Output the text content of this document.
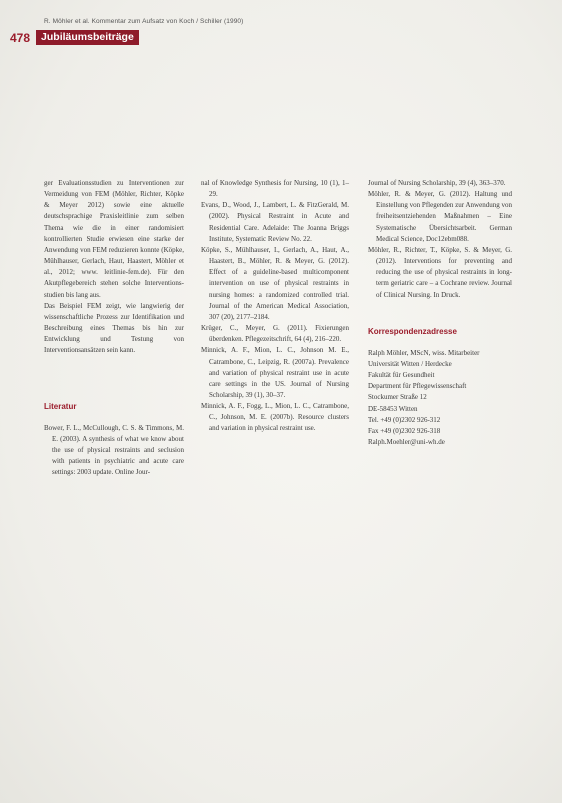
R. Möhler et al. Kommentar zum Aufsatz von Koch / Schiller (1990)
478	Jubiläumsbeiträge

ger Evaluationsstudien zu Interventionen zur Vermeidung von FEM (Möhler, Richter, Köpke & Meyer 2012) sowie eine aktuelle deutschsprachige Praxisleitlinie zum selben Thema wie die in einer randomisiert kontrollierten Studie erwiesen eine starke der Anwendung von FEM reduzieren konnte (Köpke, Mühlhauser, Gerlach, Haut, Haastert, Möhler et al., 2012; www. leitlinie-fem.de). Für den Akutpflegebereich stehen solche Interventionsstudien bis lang aus.

Das Beispiel FEM zeigt, wie langwierig der wissenschaftliche Prozess zur Identifikation und Beschreibung eines Themas bis hin zur Entwicklung und Testung von Interventionsansätzen sein kann.

Literatur
Bower, F. L., McCullough, C. S. & Timmons, M. E. (2003). A synthesis of what we know about the use of physical restraints and seclusion with patients in psychiatric and acute care settings: 2003 update. Online Jour-
nal of Knowledge Synthesis for Nursing, 10 (1), 1–29.
Evans, D., Wood, J., Lambert, L. & FitzGerald, M. (2002). Physical Restraint in Acute and Residential Care. Adelaide: The Joanna Briggs Institute, Systematic Review No. 22.
Köpke, S., Mühlhauser, I., Gerlach, A., Haut, A., Haastert, B., Möhler, R. & Meyer, G. (2012). Effect of a guideline-based multicomponent intervention on use of physical restraints in nursing homes: a randomized controlled trial. Journal of the American Medical Association, 307 (20), 2177–2184.
Krüger, C., Meyer, G. (2011). Fixierungen überdenken. Pflegezeitschrift, 64 (4), 216–220.
Minnick, A. F., Mion, L. C., Johnson M. E., Catrambone, C., Leipzig, R. (2007a). Prevalence and variation of physical restraint use in acute care settings in the US. Journal of Nursing Scholarship, 39 (1), 30–37.
Minnick, A. F., Fogg, L., Mion, L. C., Catrambone, C., Johnson, M. E. (2007b). Resource clusters and variation in physical restraint use.
Journal of Nursing Scholarship, 39 (4), 363–370.
Möhler, R. & Meyer, G. (2012). Haltung und Einstellung von Pflegenden zur Anwendung von freiheitsentziehenden Maßnahmen – Eine Systematische Übersichtsarbeit. German Medical Science, Doc12ebm088.
Möhler, R., Richter, T., Köpke, S. & Meyer, G. (2012). Interventions for preventing and reducing the use of physical restraints in long-term geriatric care – a Cochrane review. Journal of Clinical Nursing. In Druck.
Korrespondenzadresse
Ralph Möhler, MScN, wiss. Mitarbeiter
Universität Witten / Herdecke
Fakultät für Gesundheit
Department für Pflegewissenschaft
Stockumer Straße 12
DE-58453 Witten
Tel. +49 (0)2302 926-312
Fax +49 (0)2302 926-318
Ralph.Moehler@uni-wh.de
